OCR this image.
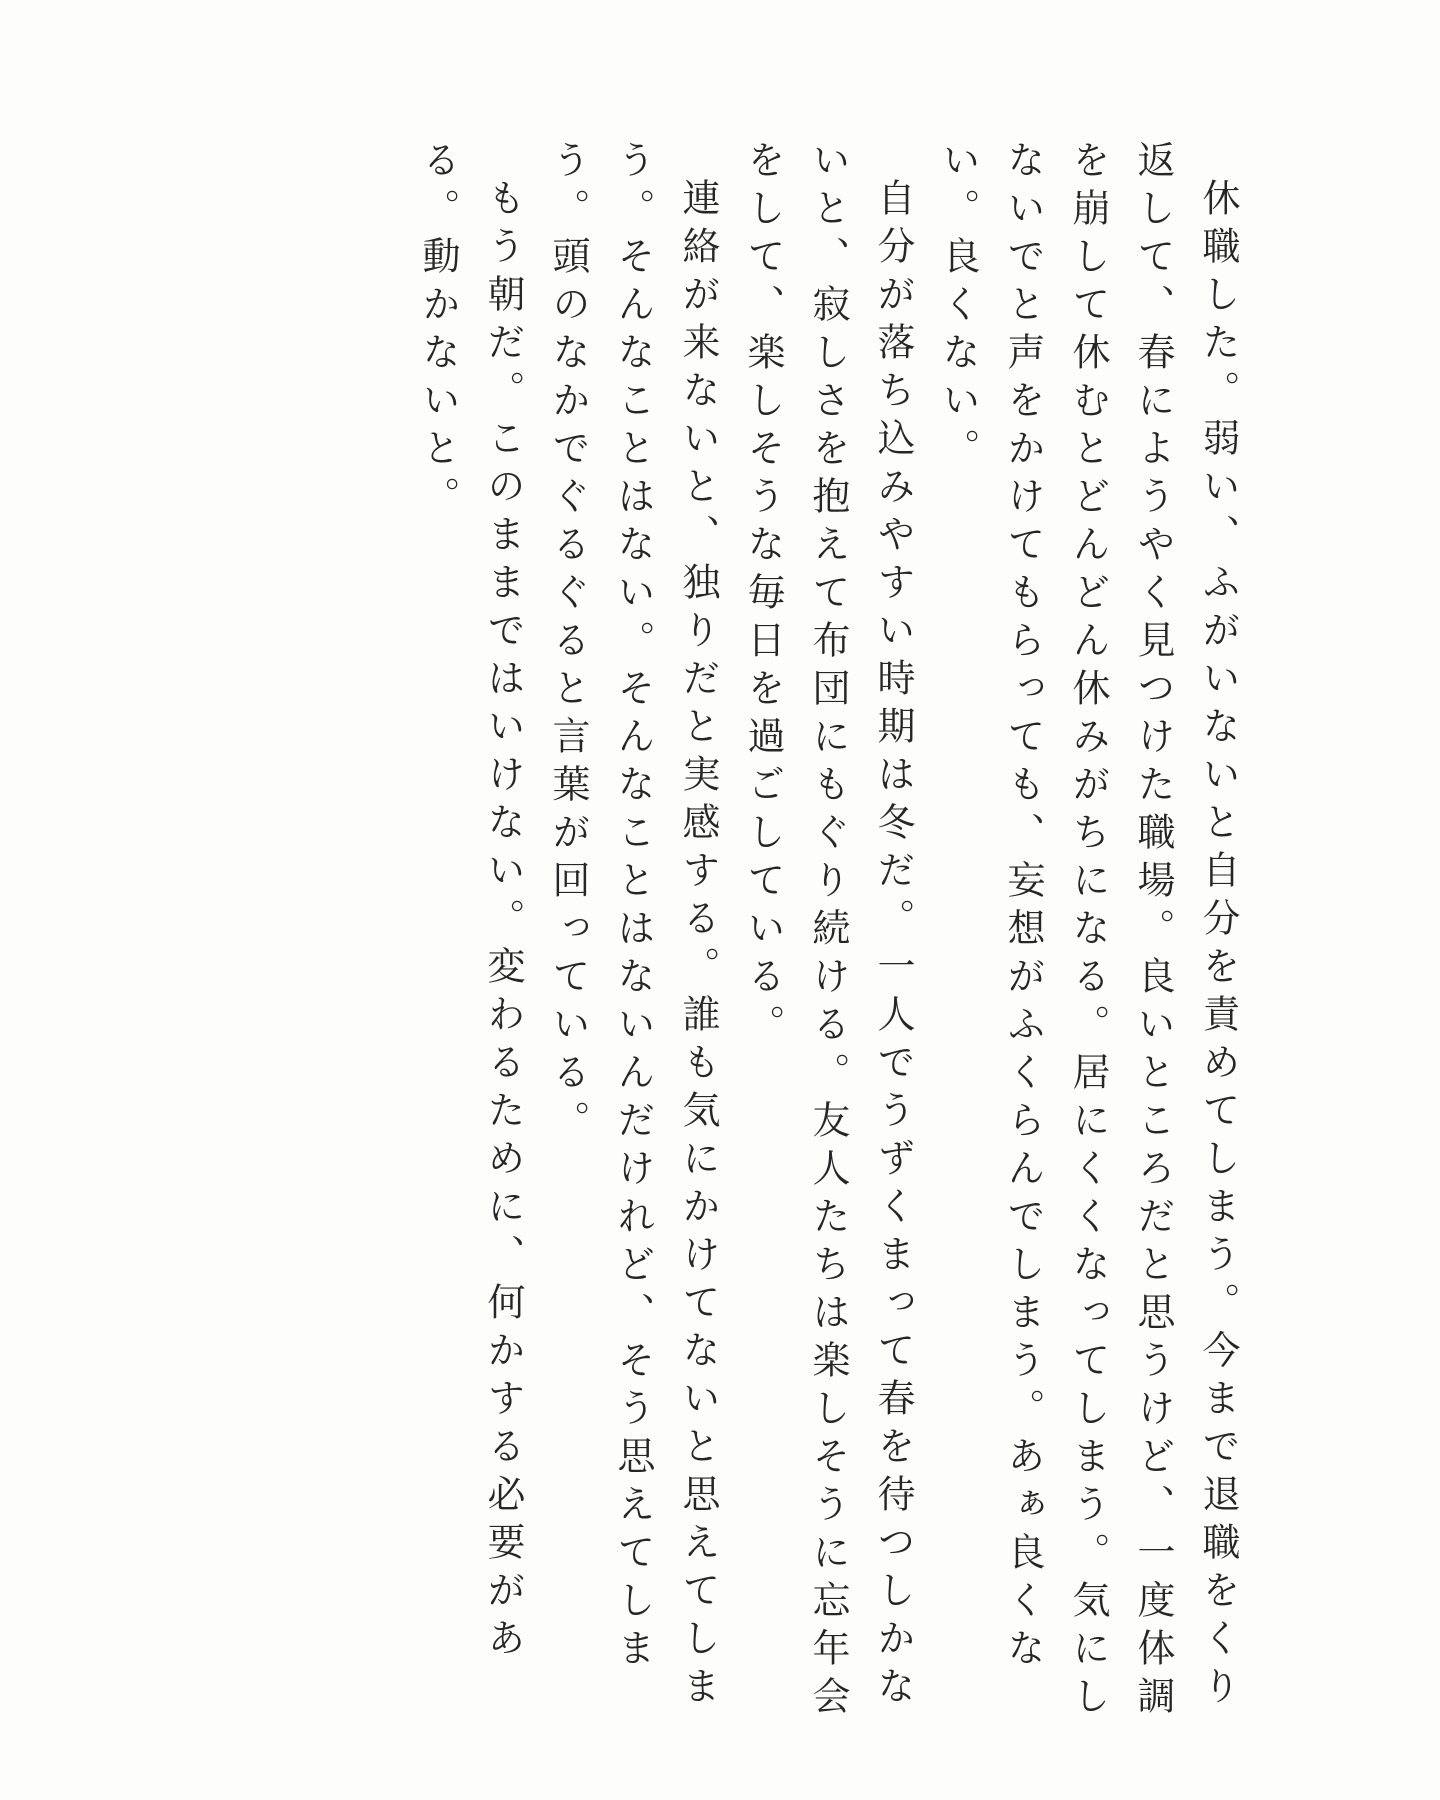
休職した。弱い、ふがいないと自分を責めてしまう。今まで退職をくり返して、春にようやく見つけた職場。良いところだと思うけど、一度体調を崩して休むとどんどん休みがちになる。居にくくなってしまう。気にしないでと声をかけてもらっても、妄想がふくらんでしまう。あぁ良くない。良くない。

自分が落ち込みやすい時期は冬だ。一人でうずくまって春を待つしかないと、寂しさを抱えて布団にもぐり続ける。友人たちは楽しそうに忘年会をして、楽しそうな毎日を過ごしている。

連絡が来ないと、独りだと実感する。誰も気にかけてないと思えてしまう。そんなことはない。そんなことはないんだけれど、そう思えてしまう。頭のなかでぐるぐると言葉が回っている。

もう朝だ。このままではいけない。変わるために、何かする必要がある。動かないと。
